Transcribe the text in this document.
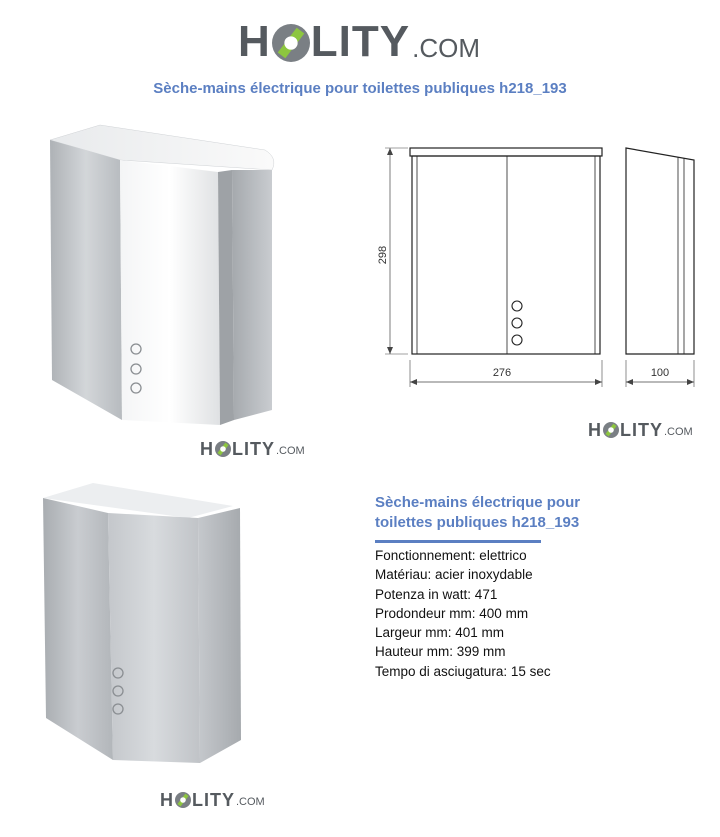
H LITY .COM
Sèche-mains électrique pour toilettes publiques h218_193
298
276	100
H LITY .COM
H LITY .COM
H LITY .COM
Sèche-mains électrique pour
toilettes publiques h218_193
Fonctionnement: elettrico
Matériau: acier inoxydable
Potenza in watt: 471
Prodondeur mm: 400 mm
Largeur mm: 401 mm
Hauteur mm: 399 mm
Tempo di asciugatura: 15 sec
